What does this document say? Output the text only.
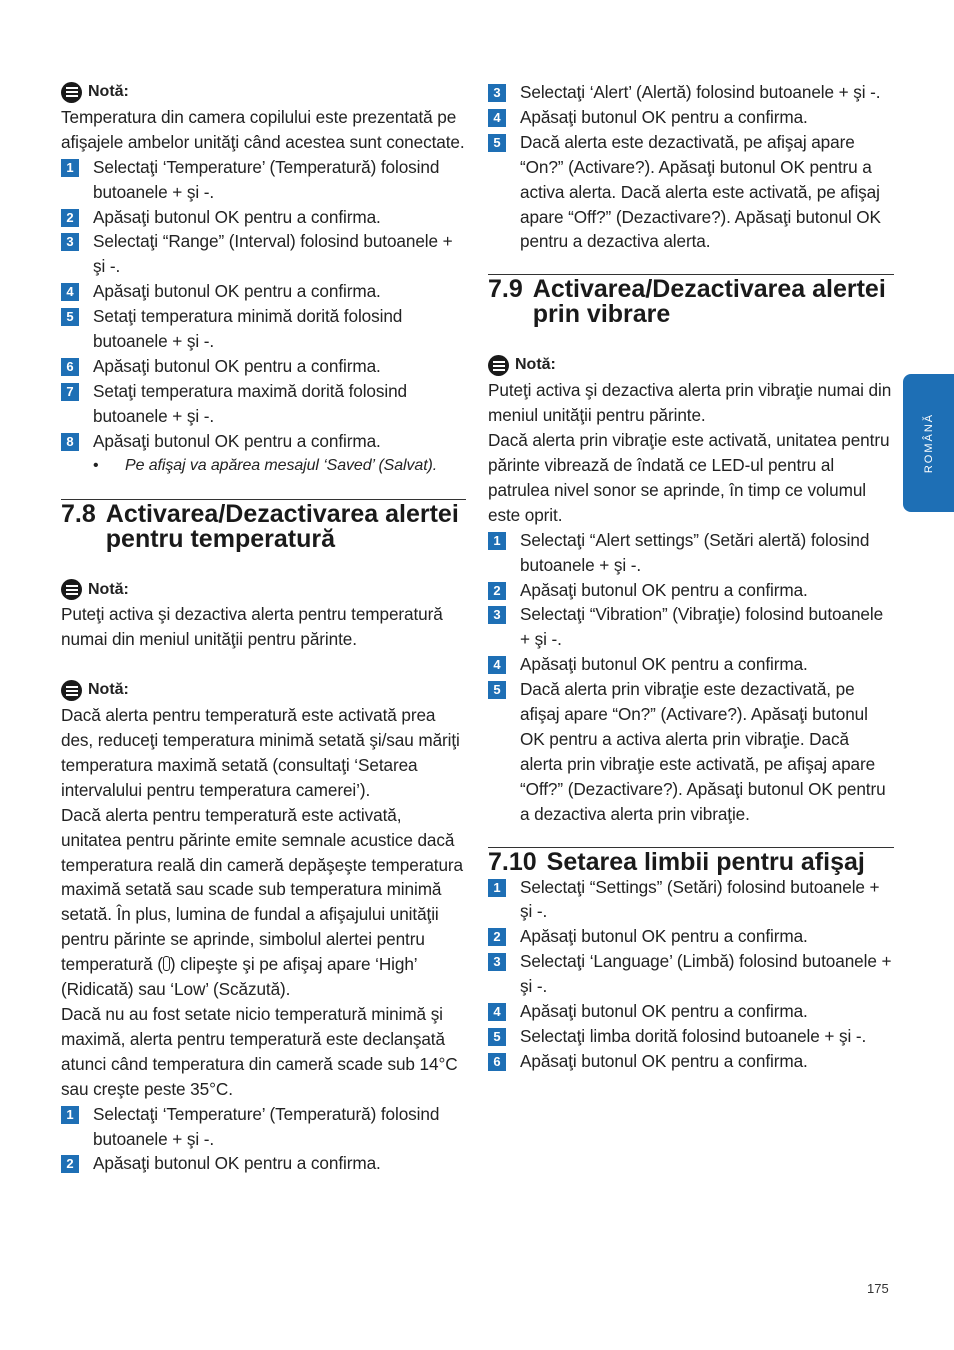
Notă:

Temperatura din camera copilului este prezentată pe afişajele ambelor unităţi când acestea sunt conectate.

1	Selectaţi ‘Temperature’ (Temperatură) folosind butoanele + şi -.
2	Apăsaţi butonul OK pentru a confirma.
3	Selectaţi “Range” (Interval) folosind butoanele + şi -.
4	Apăsaţi butonul OK pentru a confirma.
5	Setaţi temperatura minimă dorită folosind butoanele + şi -.
6	Apăsaţi butonul OK pentru a confirma.
7	Setaţi temperatura maximă dorită folosind butoanele + şi -.
8	Apăsaţi butonul OK pentru a confirma.
•	Pe afişaj va apărea mesajul ‘Saved’ (Salvat).
7.8 Activarea/Dezactivarea alertei pentru temperatură
Notă:

Puteţi activa şi dezactiva alerta pentru temperatură numai din meniul unităţii pentru părinte.

Notă:

Dacă alerta pentru temperatură este activată prea des, reduceţi temperatura minimă setată şi/sau măriţi temperatura maximă setată (consultaţi ‘Setarea intervalului pentru temperatura camerei’).

Dacă alerta pentru temperatură este activată, unitatea pentru părinte emite semnale acustice dacă temperatura reală din cameră depăşeşte temperatura maximă setată sau scade sub temperatura minimă setată. În plus, lumina de fundal a afişajului unităţii pentru părinte se aprinde, simbolul alertei pentru temperatură ( ) clipeşte şi pe afişaj apare ‘High’ (Ridicată) sau ‘Low’ (Scăzută).

Dacă nu au fost setate nicio temperatură minimă şi maximă, alerta pentru temperatură este declanşată atunci când temperatura din cameră scade sub 14°C sau creşte peste 35°C.

1	Selectaţi ‘Temperature’ (Temperatură) folosind butoanele + şi -.
2	Apăsaţi butonul OK pentru a confirma.
3	Selectaţi ‘Alert’ (Alertă) folosind butoanele + şi -.
4	Apăsaţi butonul OK pentru a confirma.
5	Dacă alerta este dezactivată, pe afişaj apare “On?” (Activare?). Apăsaţi butonul OK pentru a activa alerta. Dacă alerta este activată, pe afişaj apare “Off?” (Dezactivare?). Apăsaţi butonul OK pentru a dezactiva alerta.
7.9 Activarea/Dezactivarea alertei prin vibrare
Notă:

Puteţi activa şi dezactiva alerta prin vibraţie numai din meniul unităţii pentru părinte.

Dacă alerta prin vibraţie este activată, unitatea pentru părinte vibrează de îndată ce LED-ul pentru al patrulea nivel sonor se aprinde, în timp ce volumul este oprit.

1	Selectaţi “Alert settings” (Setări alertă) folosind butoanele + şi -.
2	Apăsaţi butonul OK pentru a confirma.
3	Selectaţi “Vibration” (Vibraţie) folosind butoanele + şi -.
4	Apăsaţi butonul OK pentru a confirma.
5	Dacă alerta prin vibraţie este dezactivată, pe afişaj apare “On?” (Activare?). Apăsaţi butonul OK pentru a activa alerta prin vibraţie. Dacă alerta prin vibraţie este activată, pe afişaj apare “Off?” (Dezactivare?). Apăsaţi butonul OK pentru a dezactiva alerta prin vibraţie.
7.10 Setarea limbii pentru afişaj
1	Selectaţi “Settings” (Setări) folosind butoanele + şi -.
2	Apăsaţi butonul OK pentru a confirma.
3	Selectaţi ‘Language’ (Limbă) folosind butoanele + şi -.
4	Apăsaţi butonul OK pentru a confirma.
5	Selectaţi limba dorită folosind butoanele + şi -.
6	Apăsaţi butonul OK pentru a confirma.
ROMÂNĂ
175
